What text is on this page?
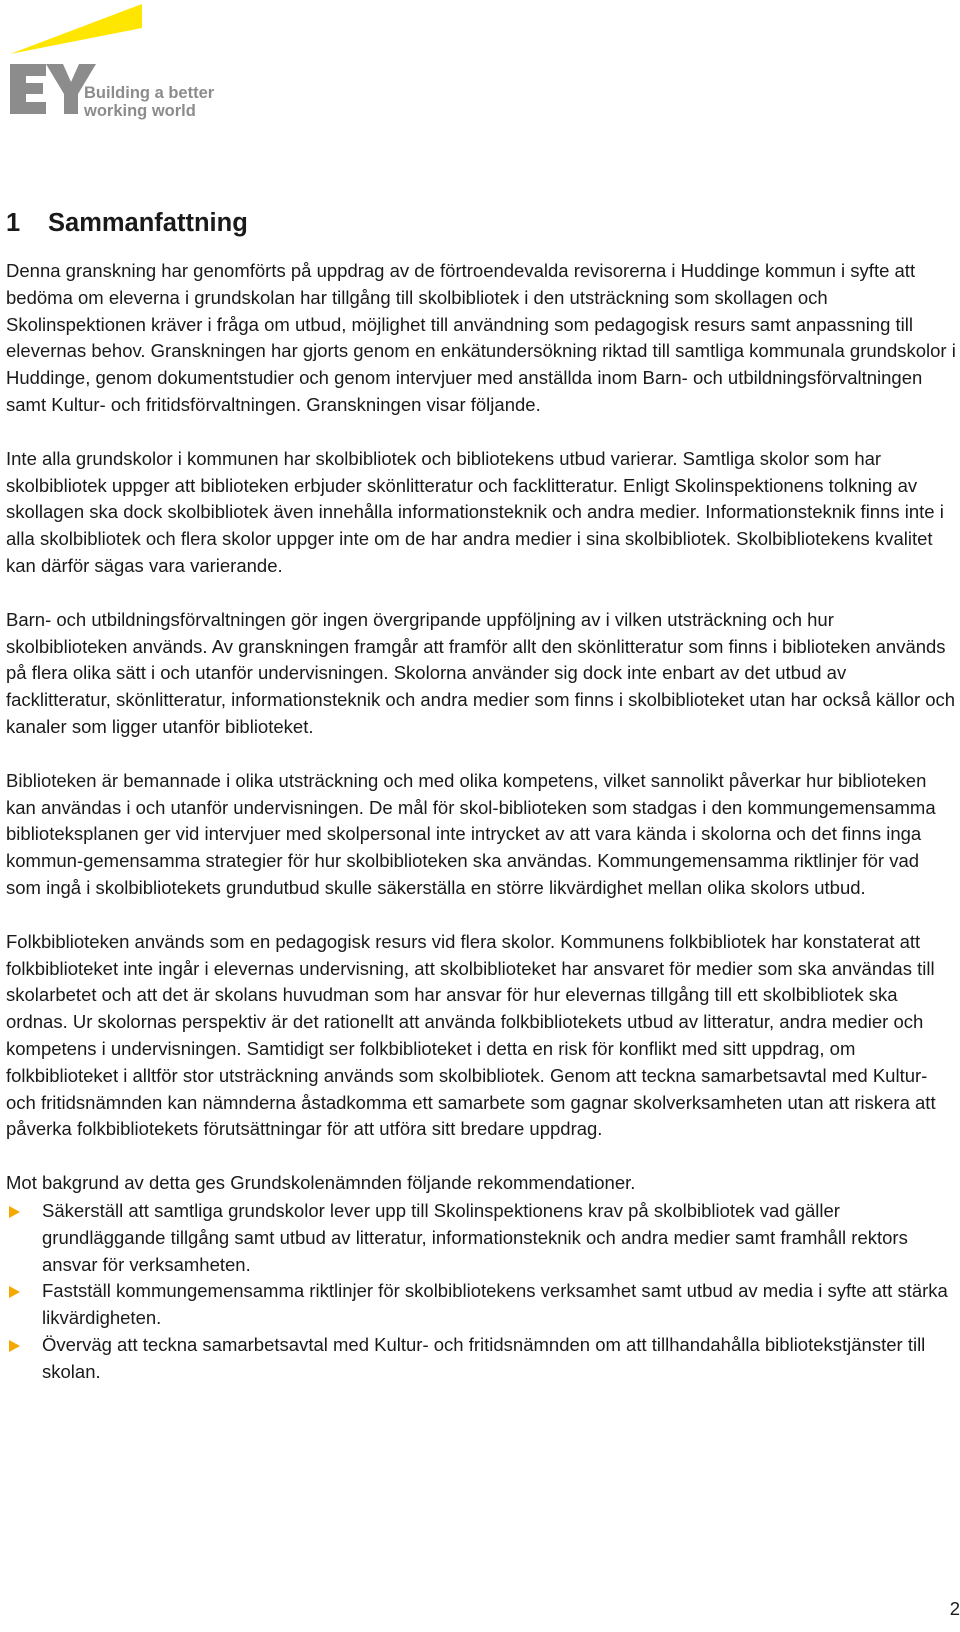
Building a better
working world
1 Sammanfattning

Denna granskning har genomförts på uppdrag av de förtroendevalda revisorerna i Huddinge kommun i syfte att bedöma om eleverna i grundskolan har tillgång till skolbibliotek i den utsträckning som skollagen och Skolinspektionen kräver i fråga om utbud, möjlighet till användning som pedagogisk resurs samt anpassning till elevernas behov. Granskningen har gjorts genom en enkätundersökning riktad till samtliga kommunala grundskolor i Huddinge, genom dokumentstudier och genom intervjuer med anställda inom Barn- och utbildningsförvaltningen samt Kultur- och fritidsförvaltningen. Granskningen visar följande.

Inte alla grundskolor i kommunen har skolbibliotek och bibliotekens utbud varierar. Samtliga skolor som har skolbibliotek uppger att biblioteken erbjuder skönlitteratur och facklitteratur. Enligt Skolinspektionens tolkning av skollagen ska dock skolbibliotek även innehålla informationsteknik och andra medier. Informationsteknik finns inte i alla skolbibliotek och flera skolor uppger inte om de har andra medier i sina skolbibliotek. Skolbibliotekens kvalitet kan därför sägas vara varierande.

Barn- och utbildningsförvaltningen gör ingen övergripande uppföljning av i vilken utsträckning och hur skolbiblioteken används. Av granskningen framgår att framför allt den skönlitteratur som finns i biblioteken används på flera olika sätt i och utanför undervisningen. Skolorna använder sig dock inte enbart av det utbud av facklitteratur, skönlitteratur, informationsteknik och andra medier som finns i skolbiblioteket utan har också källor och kanaler som ligger utanför biblioteket.

Biblioteken är bemannade i olika utsträckning och med olika kompetens, vilket sannolikt påverkar hur biblioteken kan användas i och utanför undervisningen. De mål för skol-biblioteken som stadgas i den kommungemensamma biblioteksplanen ger vid intervjuer med skolpersonal inte intrycket av att vara kända i skolorna och det finns inga kommun-gemensamma strategier för hur skolbiblioteken ska användas. Kommungemensamma riktlinjer för vad som ingå i skolbibliotekets grundutbud skulle säkerställa en större likvärdighet mellan olika skolors utbud.

Folkbiblioteken används som en pedagogisk resurs vid flera skolor. Kommunens folkbibliotek har konstaterat att folkbiblioteket inte ingår i elevernas undervisning, att skolbiblioteket har ansvaret för medier som ska användas till skolarbetet och att det är skolans huvudman som har ansvar för hur elevernas tillgång till ett skolbibliotek ska ordnas. Ur skolornas perspektiv är det rationellt att använda folkbibliotekets utbud av litteratur, andra medier och kompetens i undervisningen. Samtidigt ser folkbiblioteket i detta en risk för konflikt med sitt uppdrag, om folkbiblioteket i alltför stor utsträckning används som skolbibliotek. Genom att teckna samarbetsavtal med Kultur- och fritidsnämnden kan nämnderna åstadkomma ett samarbete som gagnar skolverksamheten utan att riskera att påverka folkbibliotekets förutsättningar för att utföra sitt bredare uppdrag.

Mot bakgrund av detta ges Grundskolenämnden följande rekommendationer.

Säkerställ att samtliga grundskolor lever upp till Skolinspektionens krav på skolbibliotek vad gäller grundläggande tillgång samt utbud av litteratur, informationsteknik och andra medier samt framhåll rektors ansvar för verksamheten.
Fastställ kommungemensamma riktlinjer för skolbibliotekens verksamhet samt utbud av media i syfte att stärka likvärdigheten.
Överväg att teckna samarbetsavtal med Kultur- och fritidsnämnden om att tillhandahålla bibliotekstjänster till skolan.
2
